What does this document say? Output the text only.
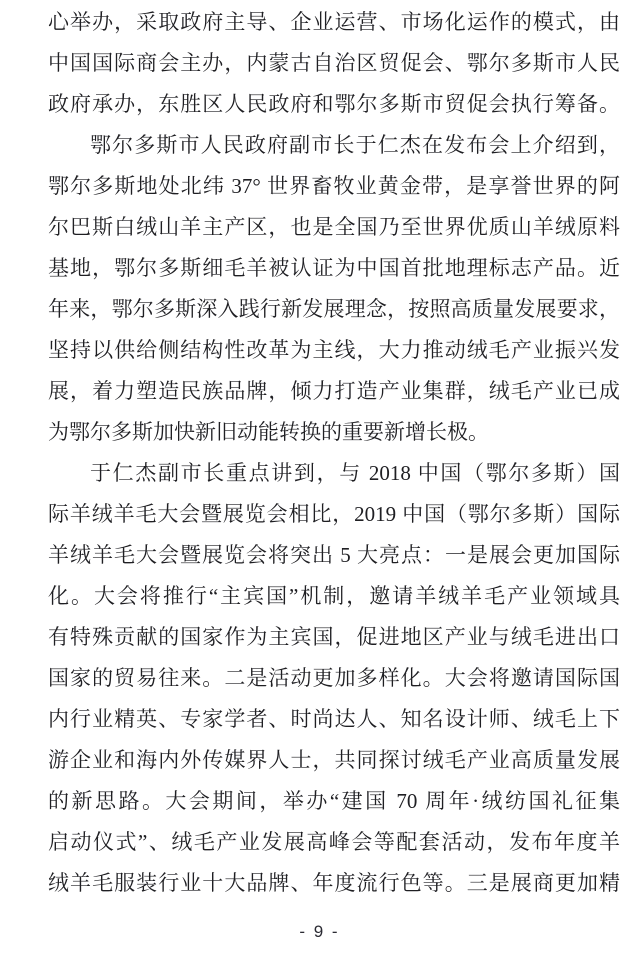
心举办，采取政府主导、企业运营、市场化运作的模式，由

中国国际商会主办，内蒙古自治区贸促会、鄂尔多斯市人民

政府承办，东胜区人民政府和鄂尔多斯市贸促会执行筹备。

鄂尔多斯市人民政府副市长于仁杰在发布会上介绍到，

鄂尔多斯地处北纬 37° 世界畜牧业黄金带，是享誉世界的阿

尔巴斯白绒山羊主产区，也是全国乃至世界优质山羊绒原料

基地，鄂尔多斯细毛羊被认证为中国首批地理标志产品。近

年来，鄂尔多斯深入践行新发展理念，按照高质量发展要求，

坚持以供给侧结构性改革为主线，大力推动绒毛产业振兴发

展，着力塑造民族品牌，倾力打造产业集群，绒毛产业已成

为鄂尔多斯加快新旧动能转换的重要新增长极。

于仁杰副市长重点讲到，与 2018 中国（鄂尔多斯）国

际羊绒羊毛大会暨展览会相比，2019 中国（鄂尔多斯）国际

羊绒羊毛大会暨展览会将突出 5 大亮点：一是展会更加国际

化。大会将推行“主宾国”机制，邀请羊绒羊毛产业领域具

有特殊贡献的国家作为主宾国，促进地区产业与绒毛进出口

国家的贸易往来。二是活动更加多样化。大会将邀请国际国

内行业精英、专家学者、时尚达人、知名设计师、绒毛上下

游企业和海内外传媒界人士，共同探讨绒毛产业高质量发展

的新思路。大会期间，举办“建国 70 周年·绒纺国礼征集

启动仪式”、绒毛产业发展高峰会等配套活动，发布年度羊

绒羊毛服装行业十大品牌、年度流行色等。三是展商更加精

- 9 -
